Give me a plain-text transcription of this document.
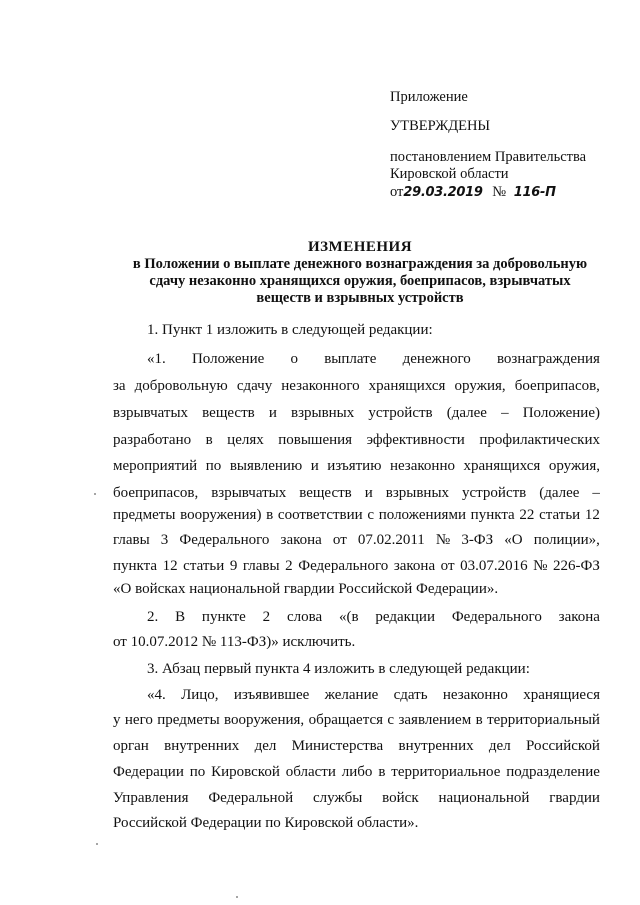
Приложение
УТВЕРЖДЕНЫ
постановлением Правительства
Кировской области
от29.03.2019 № 116-П
ИЗМЕНЕНИЯ
в Положении о выплате денежного вознаграждения за добровольную
сдачу незаконно хранящихся оружия, боеприпасов, взрывчатых
веществ и взрывных устройств
1. Пункт 1 изложить в следующей редакции:
«1. Положение о выплате денежного вознаграждения
за добровольную сдачу незаконного хранящихся оружия, боеприпасов,
взрывчатых веществ и взрывных устройств (далее – Положение)
разработано в целях повышения эффективности профилактических
мероприятий по выявлению и изъятию незаконно хранящихся оружия,
боеприпасов, взрывчатых веществ и взрывных устройств (далее –
предметы вооружения) в соответствии с положениями пункта 22 статьи 12
главы 3 Федерального закона от 07.02.2011 № 3-ФЗ «О полиции»,
пункта 12 статьи 9 главы 2 Федерального закона от 03.07.2016 № 226-ФЗ
«О войсках национальной гвардии Российской Федерации».
2. В пункте 2 слова «(в редакции Федерального закона
от 10.07.2012 № 113-ФЗ)» исключить.
3. Абзац первый пункта 4 изложить в следующей редакции:
«4. Лицо, изъявившее желание сдать незаконно хранящиеся
у него предметы вооружения, обращается с заявлением в территориальный
орган внутренних дел Министерства внутренних дел Российской
Федерации по Кировской области либо в территориальное подразделение
Управления Федеральной службы войск национальной гвардии
Российской Федерации по Кировской области».
